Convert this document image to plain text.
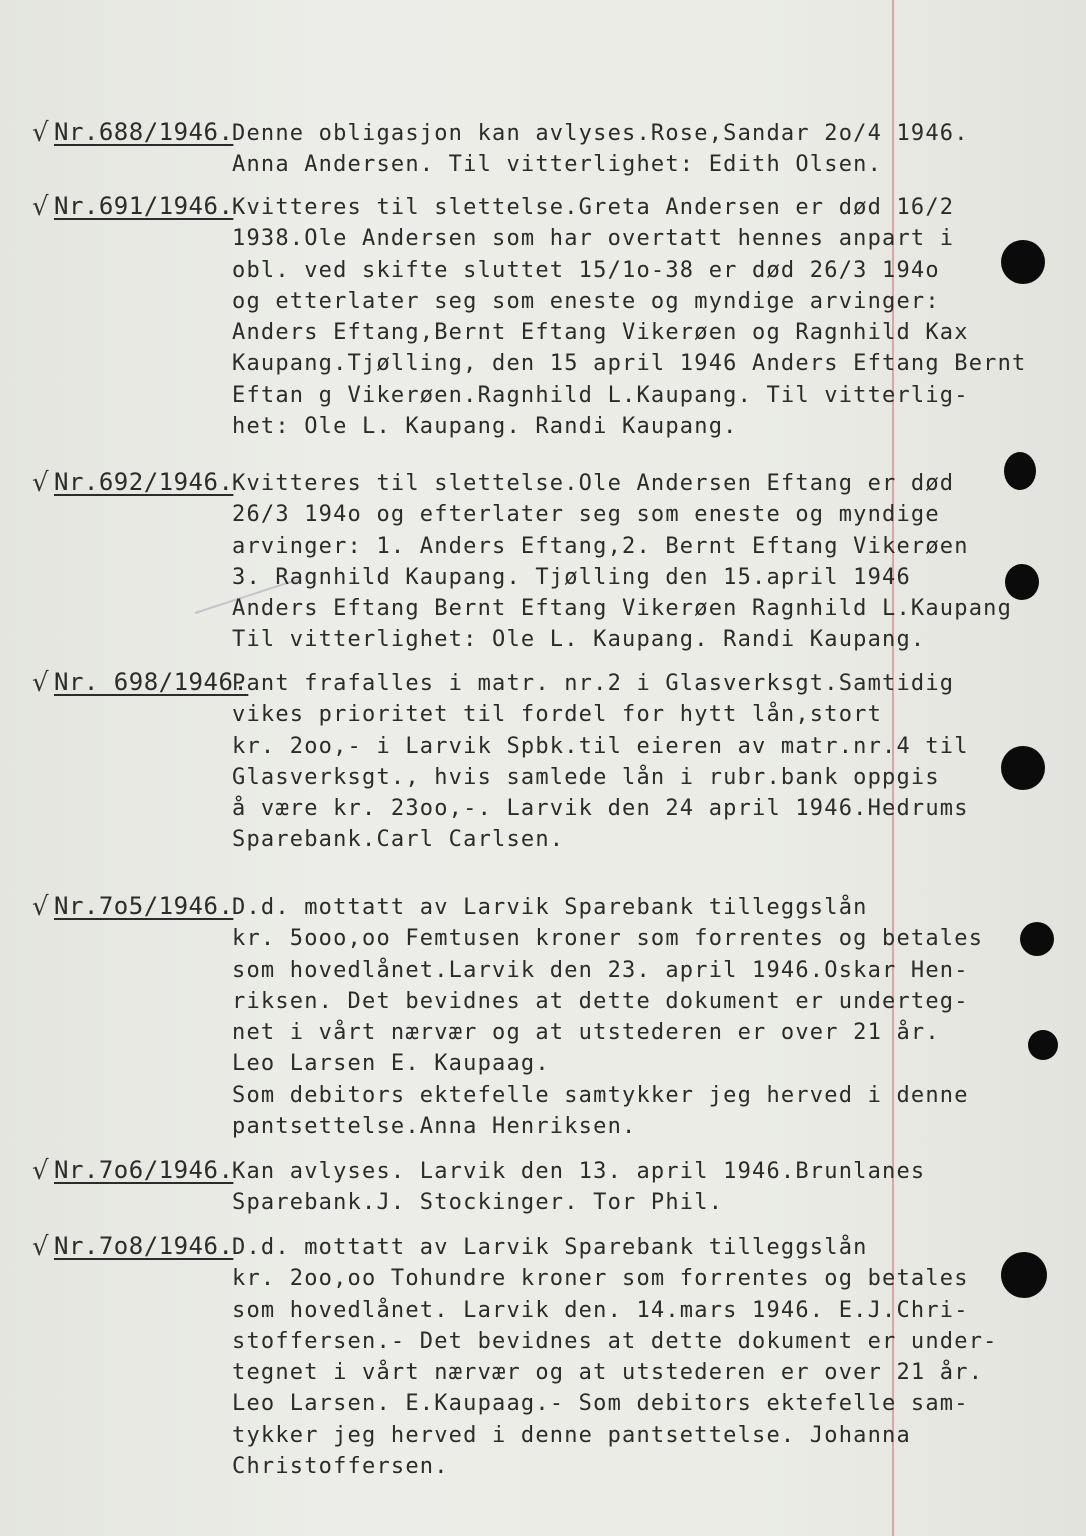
√ Nr.688/1946.
Denne obligasjon kan avlyses.Rose,Sandar 2o/4 1946.
Anna Andersen. Til vitterlighet: Edith Olsen.
√ Nr.691/1946.
Kvitteres til slettelse.Greta Andersen er død 16/2
1938.Ole Andersen som har overtatt hennes anpart i
obl. ved skifte sluttet 15/1o-38 er død 26/3 194o
og etterlater seg som eneste og myndige arvinger:
Anders Eftang,Bernt Eftang Vikerøen og Ragnhild Kax
Kaupang.Tjølling, den 15 april 1946 Anders Eftang Bernt
Eftan g Vikerøen.Ragnhild L.Kaupang. Til vitterlig-
het: Ole L. Kaupang. Randi Kaupang.
√ Nr.692/1946.
Kvitteres til slettelse.Ole Andersen Eftang er død
26/3 194o og efterlater seg som eneste og myndige
arvinger: 1. Anders Eftang,2. Bernt Eftang Vikerøen
3. Ragnhild Kaupang. Tjølling den 15.april 1946
Anders Eftang Bernt Eftang Vikerøen Ragnhild L.Kaupang
Til vitterlighet: Ole L. Kaupang. Randi Kaupang.
√ Nr. 698/1946.
Pant frafalles i matr. nr.2 i Glasverksgt.Samtidig
vikes prioritet til fordel for hytt lån,stort
kr. 2oo,- i Larvik Spbk.til eieren av matr.nr.4 til
Glasverksgt., hvis samlede lån i rubr.bank oppgis
å være kr. 23oo,-. Larvik den 24 april 1946.Hedrums
Sparebank.Carl Carlsen.
√ Nr.7o5/1946.
D.d. mottatt av Larvik Sparebank tilleggslån
kr. 5ooo,oo Femtusen kroner som forrentes og betales
som hovedlånet.Larvik den 23. april 1946.Oskar Hen-
riksen. Det bevidnes at dette dokument er underteg-
net i vårt nærvær og at utstederen er over 21 år.
Leo Larsen E. Kaupaag.
Som debitors ektefelle samtykker jeg herved i denne
pantsettelse.Anna Henriksen.
√ Nr.7o6/1946.
Kan avlyses. Larvik den 13. april 1946.Brunlanes
Sparebank.J. Stockinger. Tor Phil.
√ Nr.7o8/1946.
D.d. mottatt av Larvik Sparebank tilleggslån
kr. 2oo,oo Tohundre kroner som forrentes og betales
som hovedlånet. Larvik den. 14.mars 1946. E.J.Chri-
stoffersen.- Det bevidnes at dette dokument er under-
tegnet i vårt nærvær og at utstederen er over 21 år.
Leo Larsen. E.Kaupaag.- Som debitors ektefelle sam-
tykker jeg herved i denne pantsettelse. Johanna
Christoffersen.
